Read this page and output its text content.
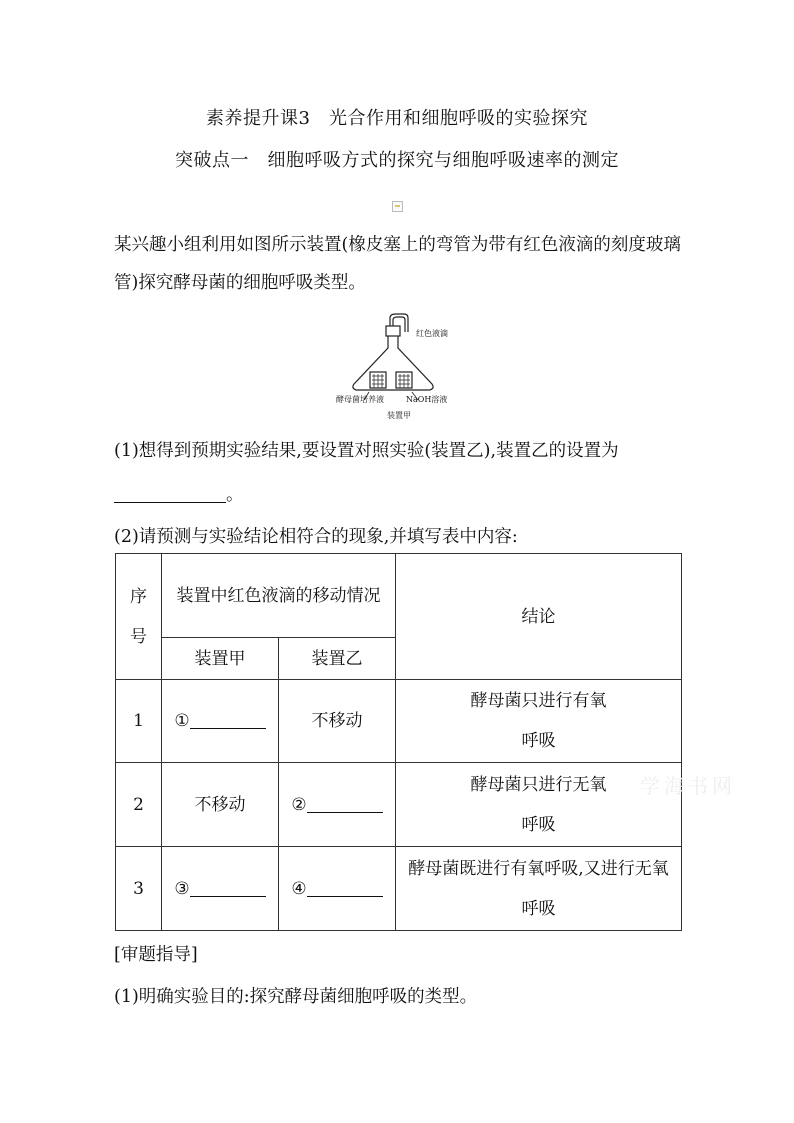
素养提升课3　光合作用和细胞呼吸的实验探究
突破点一　细胞呼吸方式的探究与细胞呼吸速率的测定
某兴趣小组利用如图所示装置(橡皮塞上的弯管为带有红色液滴的刻度玻璃管)探究酵母菌的细胞呼吸类型。
红色液滴
酵母菌培养液	NaOH溶液
装置甲
(1)想得到预期实验结果,要设置对照实验(装置乙),装置乙的设置为
。
(2)请预测与实验结论相符合的现象,并填写表中内容:
序号	装置中红色液滴的移动情况		结论
	装置甲	装置乙	
1	①	不移动	酵母菌只进行有氧呼吸
2	不移动	②	酵母菌只进行无氧呼吸
3	③	④	酵母菌既进行有氧呼吸,又进行无氧呼吸
学海书网
[审题指导]
(1)明确实验目的:探究酵母菌细胞呼吸的类型。
